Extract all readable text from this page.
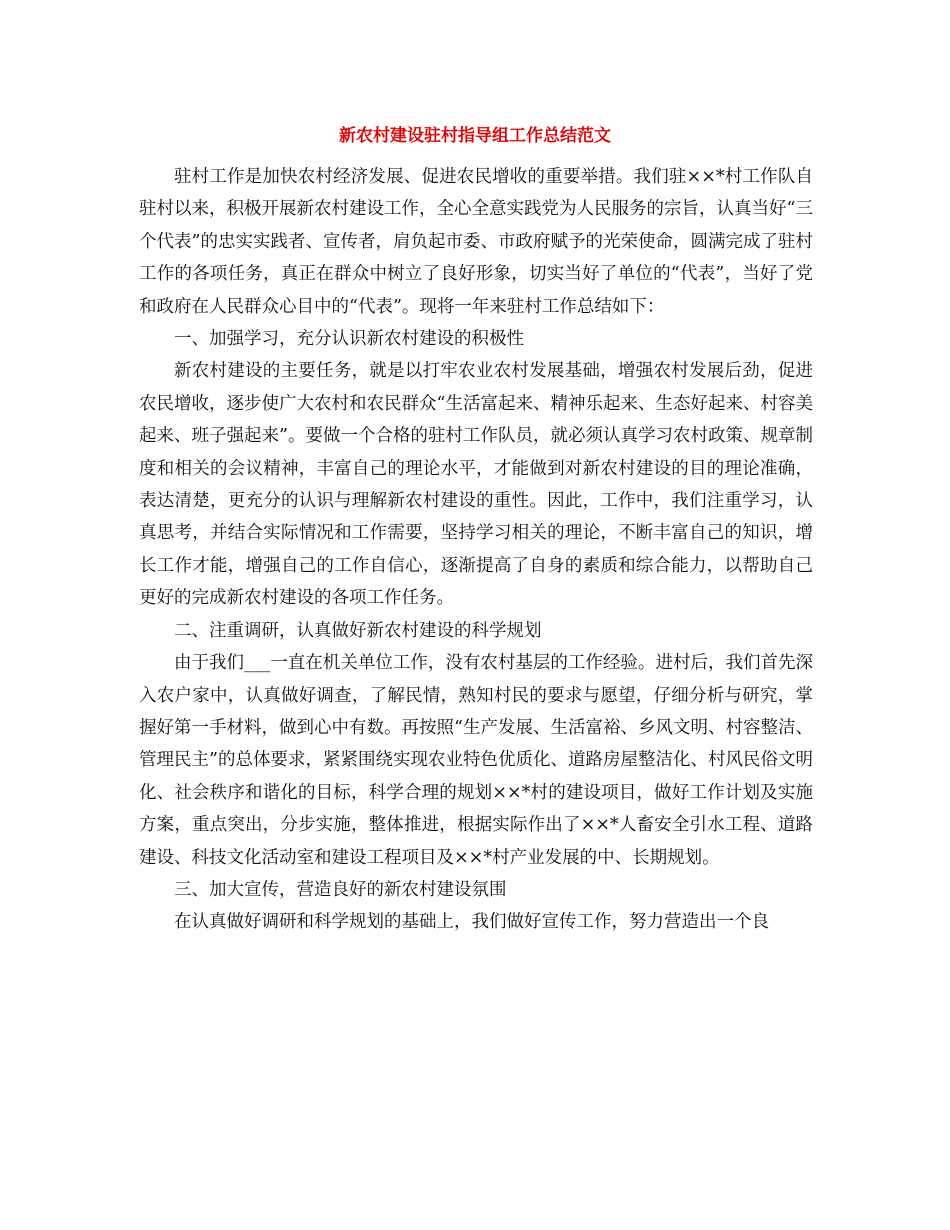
新农村建设驻村指导组工作总结范文

驻村工作是加快农村经济发展、促进农民增收的重要举措。我们驻××*村工作队自驻村以来，积极开展新农村建设工作，全心全意实践党为人民服务的宗旨，认真当好“三个代表”的忠实实践者、宣传者，肩负起市委、市政府赋予的光荣使命，圆满完成了驻村工作的各项任务，真正在群众中树立了良好形象，切实当好了单位的“代表”，当好了党和政府在人民群众心目中的“代表”。现将一年来驻村工作总结如下：

一、加强学习，充分认识新农村建设的积极性

新农村建设的主要任务，就是以打牢农业农村发展基础，增强农村发展后劲，促进农民增收，逐步使广大农村和农民群众“生活富起来、精神乐起来、生态好起来、村容美起来、班子强起来”。要做一个合格的驻村工作队员，就必须认真学习农村政策、规章制度和相关的会议精神，丰富自己的理论水平，才能做到对新农村建设的目的理论准确，表达清楚，更充分的认识与理解新农村建设的重性。因此，工作中，我们注重学习，认真思考，并结合实际情况和工作需要，坚持学习相关的理论，不断丰富自己的知识，增长工作才能，增强自己的工作自信心，逐渐提高了自身的素质和综合能力，以帮助自己更好的完成新农村建设的各项工作任务。

二、注重调研，认真做好新农村建设的科学规划

由于我们___一直在机关单位工作，没有农村基层的工作经验。进村后，我们首先深入农户家中，认真做好调查，了解民情，熟知村民的要求与愿望，仔细分析与研究，掌握好第一手材料，做到心中有数。再按照“生产发展、生活富裕、乡风文明、村容整洁、管理民主”的总体要求，紧紧围绕实现农业特色优质化、道路房屋整洁化、村风民俗文明化、社会秩序和谐化的目标，科学合理的规划××*村的建设项目，做好工作计划及实施方案，重点突出，分步实施，整体推进，根据实际作出了××*人畜安全引水工程、道路建设、科技文化活动室和建设工程项目及××*村产业发展的中、长期规划。

三、加大宣传，营造良好的新农村建设氛围

在认真做好调研和科学规划的基础上，我们做好宣传工作，努力营造出一个良
